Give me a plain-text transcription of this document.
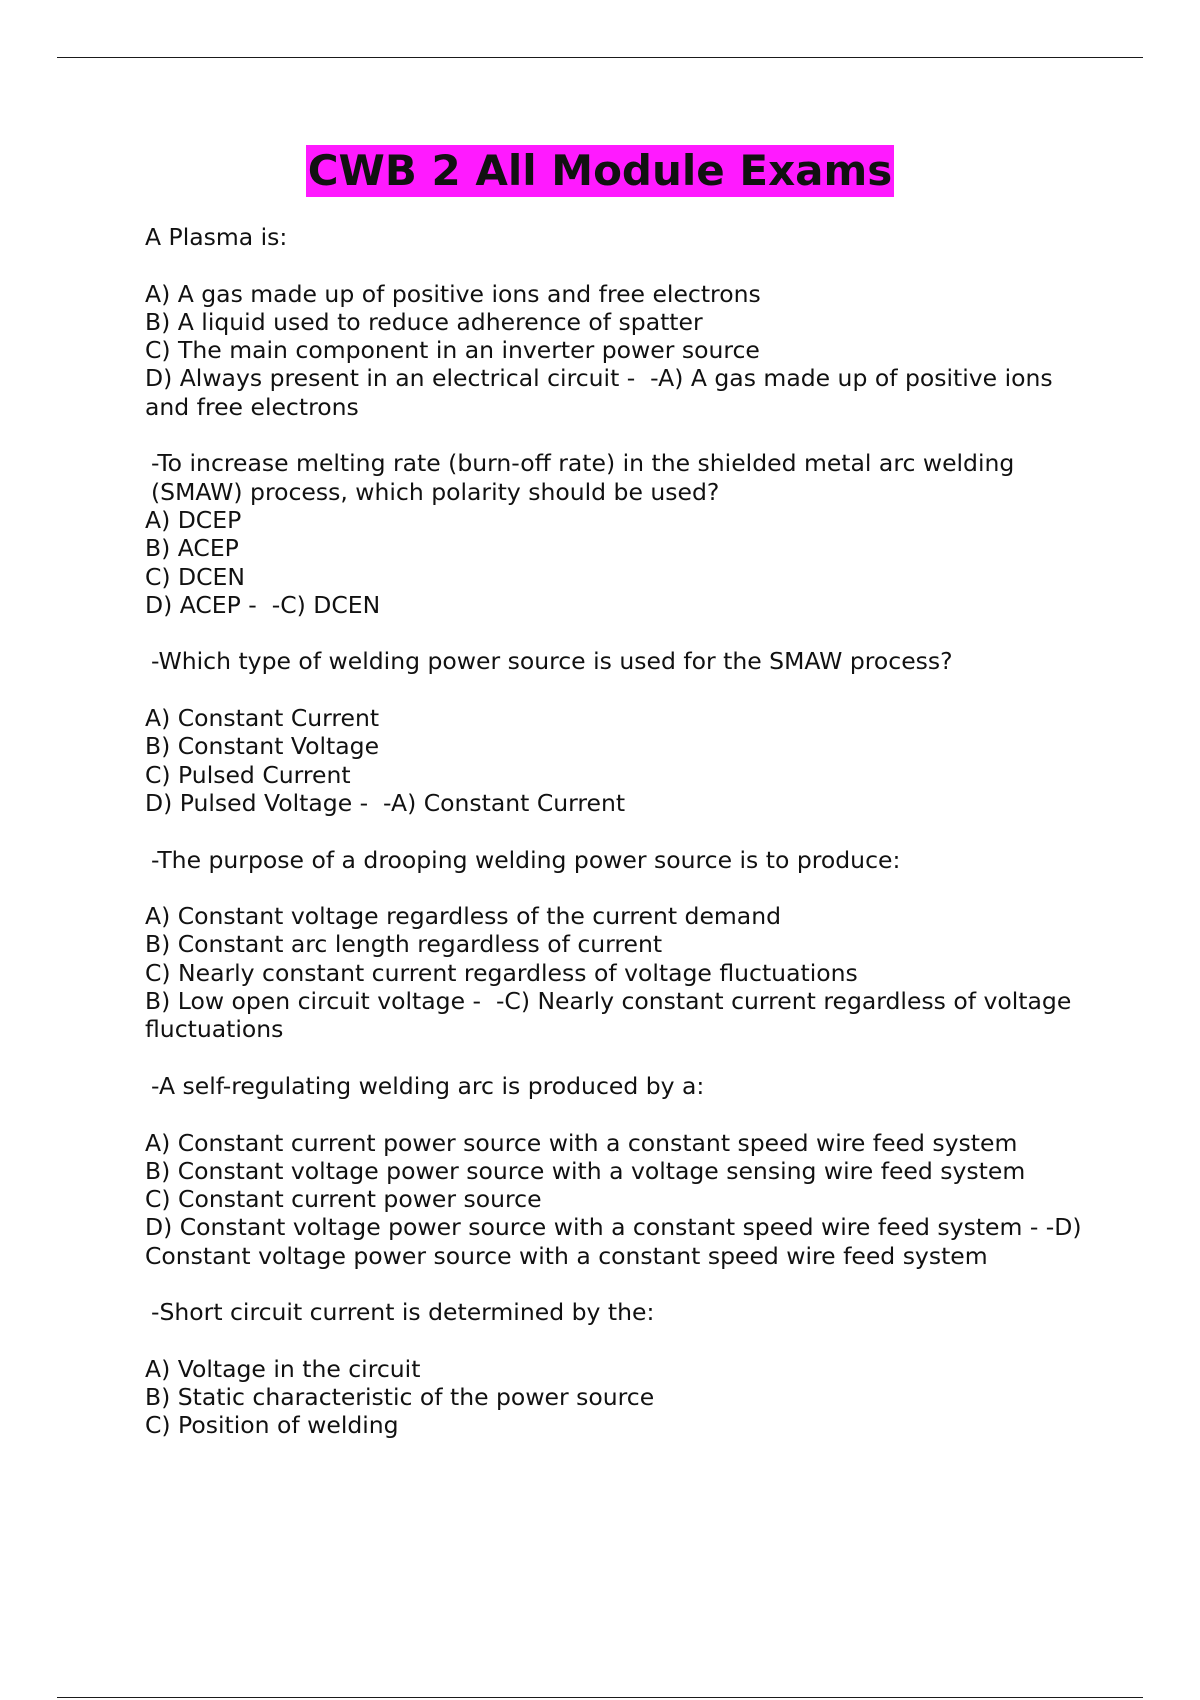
CWB 2 All Module Exams

A Plasma is:

A) A gas made up of positive ions and free electrons

B) A liquid used to reduce adherence of spatter

C) The main component in an inverter power source

D) Always present in an electrical circuit -  -A) A gas made up of positive ions and free electrons

-To increase melting rate (burn-off rate) in the shielded metal arc welding (SMAW) process, which polarity should be used?

A) DCEP

B) ACEP

C) DCEN

D) ACEP -  -C) DCEN

-Which type of welding power source is used for the SMAW process?

A) Constant Current

B) Constant Voltage

C) Pulsed Current

D) Pulsed Voltage -  -A) Constant Current

-The purpose of a drooping welding power source is to produce:

A) Constant voltage regardless of the current demand

B) Constant arc length regardless of current

C) Nearly constant current regardless of voltage fluctuations

B) Low open circuit voltage -  -C) Nearly constant current regardless of voltage fluctuations

-A self-regulating welding arc is produced by a:

A) Constant current power source with a constant speed wire feed system

B) Constant voltage power source with a voltage sensing wire feed system

C) Constant current power source

D) Constant voltage power source with a constant speed wire feed system - -D) Constant voltage power source with a constant speed wire feed system

-Short circuit current is determined by the:

A) Voltage in the circuit

B) Static characteristic of the power source

C) Position of welding
